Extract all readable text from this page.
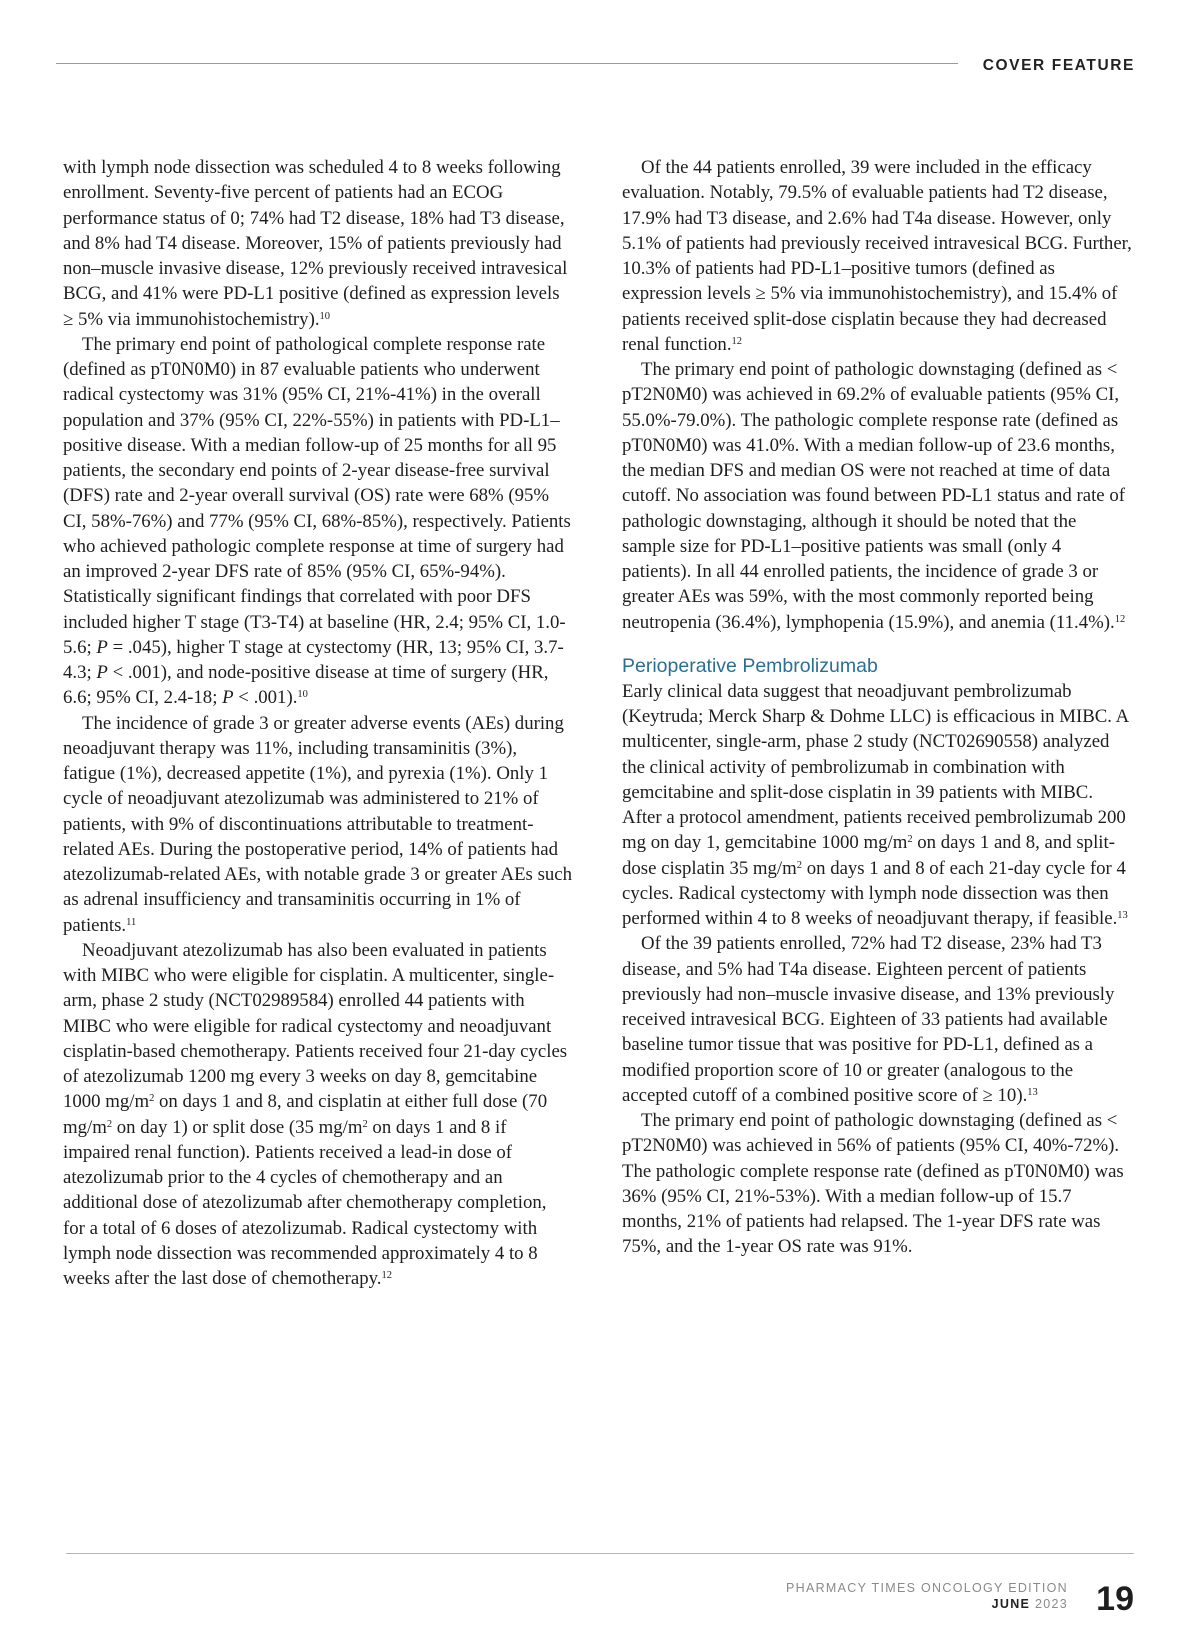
COVER FEATURE

with lymph node dissection was scheduled 4 to 8 weeks following enrollment. Seventy-five percent of patients had an ECOG performance status of 0; 74% had T2 disease, 18% had T3 disease, and 8% had T4 disease. Moreover, 15% of patients previously had non–muscle invasive disease, 12% previously received intravesical BCG, and 41% were PD-L1 positive (defined as expression levels ≥ 5% via immunohistochemistry).$^{10}$

The primary end point of pathological complete response rate (defined as pT0N0M0) in 87 evaluable patients who underwent radical cystectomy was 31% (95% CI, 21%-41%) in the overall population and 37% (95% CI, 22%-55%) in patients with PD-L1–positive disease. With a median follow-up of 25 months for all 95 patients, the secondary end points of 2-year disease-free survival (DFS) rate and 2-year overall survival (OS) rate were 68% (95% CI, 58%-76%) and 77% (95% CI, 68%-85%), respectively. Patients who achieved pathologic complete response at time of surgery had an improved 2-year DFS rate of 85% (95% CI, 65%-94%). Statistically significant findings that correlated with poor DFS included higher T stage (T3-T4) at baseline (HR, 2.4; 95% CI, 1.0-5.6; P = .045), higher T stage at cystectomy (HR, 13; 95% CI, 3.7-4.3; P < .001), and node-positive disease at time of surgery (HR, 6.6; 95% CI, 2.4-18; P < .001).$^{10}$

The incidence of grade 3 or greater adverse events (AEs) during neoadjuvant therapy was 11%, including transaminitis (3%), fatigue (1%), decreased appetite (1%), and pyrexia (1%). Only 1 cycle of neoadjuvant atezolizumab was administered to 21% of patients, with 9% of discontinuations attributable to treatment-related AEs. During the postoperative period, 14% of patients had atezolizumab-related AEs, with notable grade 3 or greater AEs such as adrenal insufficiency and transaminitis occurring in 1% of patients.$^{11}$

Neoadjuvant atezolizumab has also been evaluated in patients with MIBC who were eligible for cisplatin. A multicenter, single-arm, phase 2 study (NCT02989584) enrolled 44 patients with MIBC who were eligible for radical cystectomy and neoadjuvant cisplatin-based chemotherapy. Patients received four 21-day cycles of atezolizumab 1200 mg every 3 weeks on day 8, gemcitabine 1000 $mg/m^2$ on days 1 and 8, and cisplatin at either full dose (70 $mg/m^2$ on day 1) or split dose (35 $mg/m^2$ on days 1 and 8 if impaired renal function). Patients received a lead-in dose of atezolizumab prior to the 4 cycles of chemotherapy and an additional dose of atezolizumab after chemotherapy completion, for a total of 6 doses of atezolizumab. Radical cystectomy with lymph node dissection was recommended approximately 4 to 8 weeks after the last dose of chemotherapy.$^{12}$

Of the 44 patients enrolled, 39 were included in the efficacy evaluation. Notably, 79.5% of evaluable patients had T2 disease, 17.9% had T3 disease, and 2.6% had T4a disease. However, only 5.1% of patients had previously received intravesical BCG. Further, 10.3% of patients had PD-L1–positive tumors (defined as expression levels ≥ 5% via immunohistochemistry), and 15.4% of patients received split-dose cisplatin because they had decreased renal function.$^{12}$

The primary end point of pathologic downstaging (defined as < pT2N0M0) was achieved in 69.2% of evaluable patients (95% CI, 55.0%-79.0%). The pathologic complete response rate (defined as pT0N0M0) was 41.0%. With a median follow-up of 23.6 months, the median DFS and median OS were not reached at time of data cutoff. No association was found between PD-L1 status and rate of pathologic downstaging, although it should be noted that the sample size for PD-L1–positive patients was small (only 4 patients). In all 44 enrolled patients, the incidence of grade 3 or greater AEs was 59%, with the most commonly reported being neutropenia (36.4%), lymphopenia (15.9%), and anemia (11.4%).$^{12}$

Perioperative Pembrolizumab

Early clinical data suggest that neoadjuvant pembrolizumab (Keytruda; Merck Sharp & Dohme LLC) is efficacious in MIBC. A multicenter, single-arm, phase 2 study (NCT02690558) analyzed the clinical activity of pembrolizumab in combination with gemcitabine and split-dose cisplatin in 39 patients with MIBC. After a protocol amendment, patients received pembrolizumab 200 mg on day 1, gemcitabine 1000 $mg/m^2$ on days 1 and 8, and split-dose cisplatin 35 $mg/m^2$ on days 1 and 8 of each 21-day cycle for 4 cycles. Radical cystectomy with lymph node dissection was then performed within 4 to 8 weeks of neoadjuvant therapy, if feasible.$^{13}$

Of the 39 patients enrolled, 72% had T2 disease, 23% had T3 disease, and 5% had T4a disease. Eighteen percent of patients previously had non–muscle invasive disease, and 13% previously received intravesical BCG. Eighteen of 33 patients had available baseline tumor tissue that was positive for PD-L1, defined as a modified proportion score of 10 or greater (analogous to the accepted cutoff of a combined positive score of ≥ 10).$^{13}$

The primary end point of pathologic downstaging (defined as < pT2N0M0) was achieved in 56% of patients (95% CI, 40%-72%). The pathologic complete response rate (defined as pT0N0M0) was 36% (95% CI, 21%-53%). With a median follow-up of 15.7 months, 21% of patients had relapsed. The 1-year DFS rate was 75%, and the 1-year OS rate was 91%.

PHARMACY TIMES ONCOLOGY EDITION
JUNE 2023 19
